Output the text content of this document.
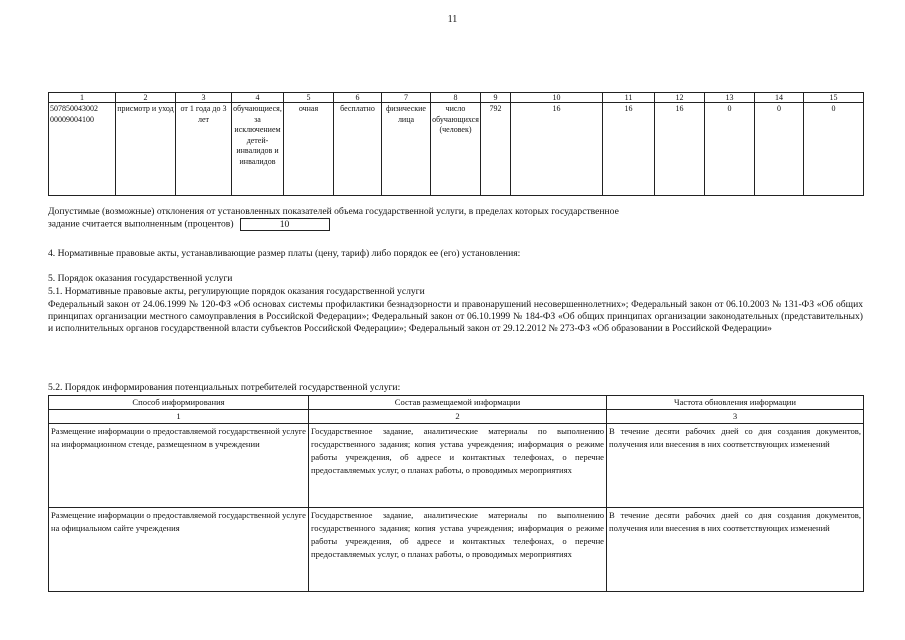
11
1	2	3	4	5	6	7	8	9	10	11	12	13	14	15
507850043002 00009004100	присмотр и уход	от 1 года до 3 лет	обучающиеся, за исключением детей-инвалидов и инвалидов	очная	бесплатно	физические лица	число обучающихся (человек)	792	16	16	16	0	0	0
Допустимые (возможные) отклонения от установленных показателей объема государственной услуги, в пределах которых государственное
задание считается выполненным (процентов)	10
4. Нормативные правовые акты, устанавливающие размер платы (цену, тариф) либо порядок ее (его) установления:
5. Порядок оказания государственной услуги
5.1. Нормативные правовые акты, регулирующие порядок оказания государственной услуги
Федеральный закон от 24.06.1999 № 120-ФЗ «Об основах системы профилактики безнадзорности и правонарушений несовершеннолетних»; Федеральный закон от 06.10.2003 № 131-ФЗ «Об общих принципах организации местного самоуправления в Российской Федерации»; Федеральный закон от 06.10.1999 № 184-ФЗ «Об общих принципах организации законодательных (представительных) и исполнительных органов государственной власти субъектов Российской Федерации»; Федеральный закон от 29.12.2012 № 273-ФЗ «Об образовании в Российской Федерации»
5.2. Порядок информирования потенциальных потребителей государственной услуги:
Способ информирования	Состав размещаемой информации	Частота обновления информации
1	2	3
Размещение информации о предоставляемой государственной услуге на информационном стенде, размещенном в учреждении	Государственное задание, аналитические материалы по выполнению государственного задания; копия устава учреждения; информация о режиме работы учреждения, об адресе и контактных телефонах, о перечне предоставляемых услуг, о планах работы, о проводимых мероприятиях	В течение десяти рабочих дней со дня создания документов, получения или внесения в них соответствующих изменений
Размещение информации о предоставляемой государственной услуге на официальном сайте учреждения	Государственное задание, аналитические материалы по выполнению государственного задания; копия устава учреждения; информация о режиме работы учреждения, об адресе и контактных телефонах, о перечне предоставляемых услуг, о планах работы, о проводимых мероприятиях	В течение десяти рабочих дней со дня создания документов, получения или внесения в них соответствующих изменений
